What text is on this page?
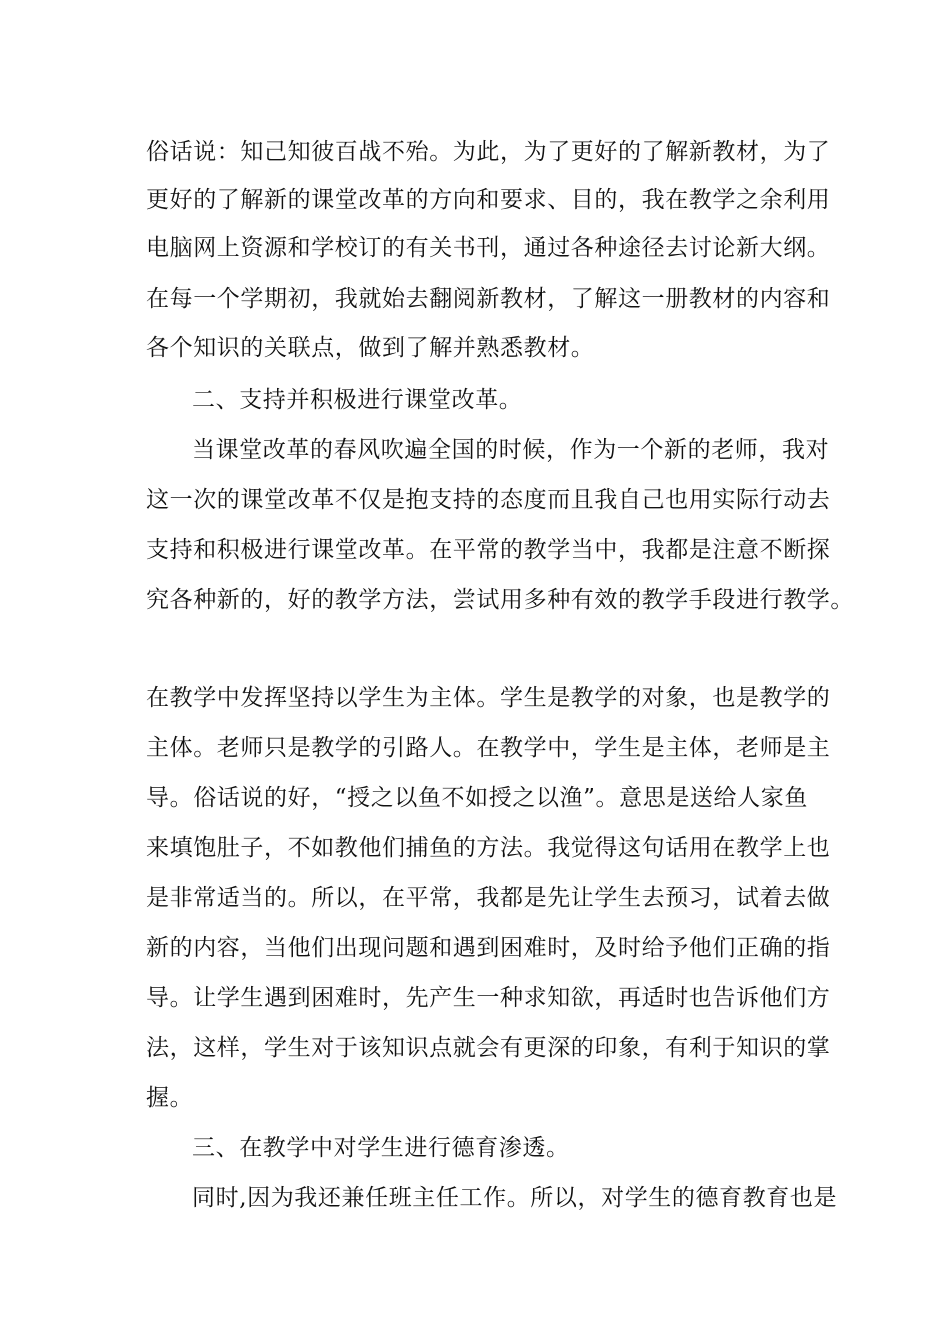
俗话说：知己知彼百战不殆。为此，为了更好的了解新教材，为了
更好的了解新的课堂改革的方向和要求、目的，我在教学之余利用
电脑网上资源和学校订的有关书刊，通过各种途径去讨论新大纲。
在每一个学期初，我就始去翻阅新教材，了解这一册教材的内容和
各个知识的关联点，做到了解并熟悉教材。
二、支持并积极进行课堂改革。
当课堂改革的春风吹遍全国的时候，作为一个新的老师，我对
这一次的课堂改革不仅是抱支持的态度而且我自己也用实际行动去
支持和积极进行课堂改革。在平常的教学当中，我都是注意不断探
究各种新的，好的教学方法，尝试用多种有效的教学手段进行教学。
在教学中发挥坚持以学生为主体。学生是教学的对象，也是教学的
主体。老师只是教学的引路人。在教学中，学生是主体，老师是主
导。俗话说的好，“授之以鱼不如授之以渔”。意思是送给人家鱼
来填饱肚子，不如教他们捕鱼的方法。我觉得这句话用在教学上也
是非常适当的。所以，在平常，我都是先让学生去预习，试着去做
新的内容，当他们出现问题和遇到困难时，及时给予他们正确的指
导。让学生遇到困难时，先产生一种求知欲，再适时也告诉他们方
法，这样，学生对于该知识点就会有更深的印象，有利于知识的掌
握。
三、在教学中对学生进行德育渗透。
同时,因为我还兼任班主任工作。所以，对学生的德育教育也是
